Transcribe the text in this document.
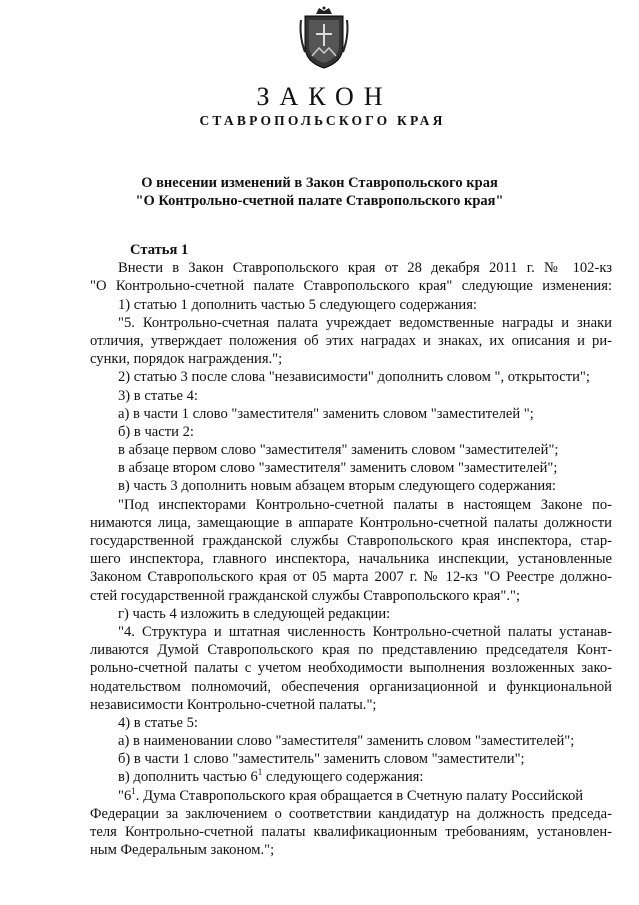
ЗАКОН
СТАВРОПОЛЬСКОГО КРАЯ
О внесении изменений в Закон Ставропольского края
"О Контрольно-счетной палате Ставропольского края"
Статья 1
Внести в Закон Ставропольского края от 28 декабря 2011 г. № 102-кз
"О Контрольно-счетной палате Ставропольского края" следующие изменения:
1) статью 1 дополнить частью 5 следующего содержания:
"5. Контрольно-счетная палата учреждает ведомственные награды и знаки
отличия, утверждает положения об этих наградах и знаках, их описания и ри-
сунки, порядок награждения.";
2) статью 3 после слова "независимости" дополнить словом ", открытости";
3) в статье 4:
а) в части 1 слово "заместителя" заменить словом "заместителей ";
б) в части 2:
в абзаце первом слово "заместителя" заменить словом "заместителей";
в абзаце втором слово "заместителя" заменить словом "заместителей";
в) часть 3 дополнить новым абзацем вторым следующего содержания:
"Под инспекторами Контрольно-счетной палаты в настоящем Законе по-
нимаются лица, замещающие в аппарате Контрольно-счетной палаты должности
государственной гражданской службы Ставропольского края инспектора, стар-
шего инспектора, главного инспектора, начальника инспекции, установленные
Законом Ставропольского края от 05 марта 2007 г. № 12-кз "О Реестре должно-
стей государственной гражданской службы Ставропольского края".";
г) часть 4 изложить в следующей редакции:
"4. Структура и штатная численность Контрольно-счетной палаты устанав-
ливаются Думой Ставропольского края по представлению председателя Конт-
рольно-счетной палаты с учетом необходимости выполнения возложенных зако-
нодательством полномочий, обеспечения организационной и функциональной
независимости Контрольно-счетной палаты.";
4) в статье 5:
а) в наименовании слово "заместителя" заменить словом "заместителей";
б) в части 1 слово "заместитель" заменить словом "заместители";
в) дополнить частью $6^1$ следующего содержания:
"$6^1$. Дума Ставропольского края обращается в Счетную палату Российской
Федерации за заключением о соответствии кандидатур на должность председа-
теля Контрольно-счетной палаты квалификационным требованиям, установлен-
ным Федеральным законом.";
